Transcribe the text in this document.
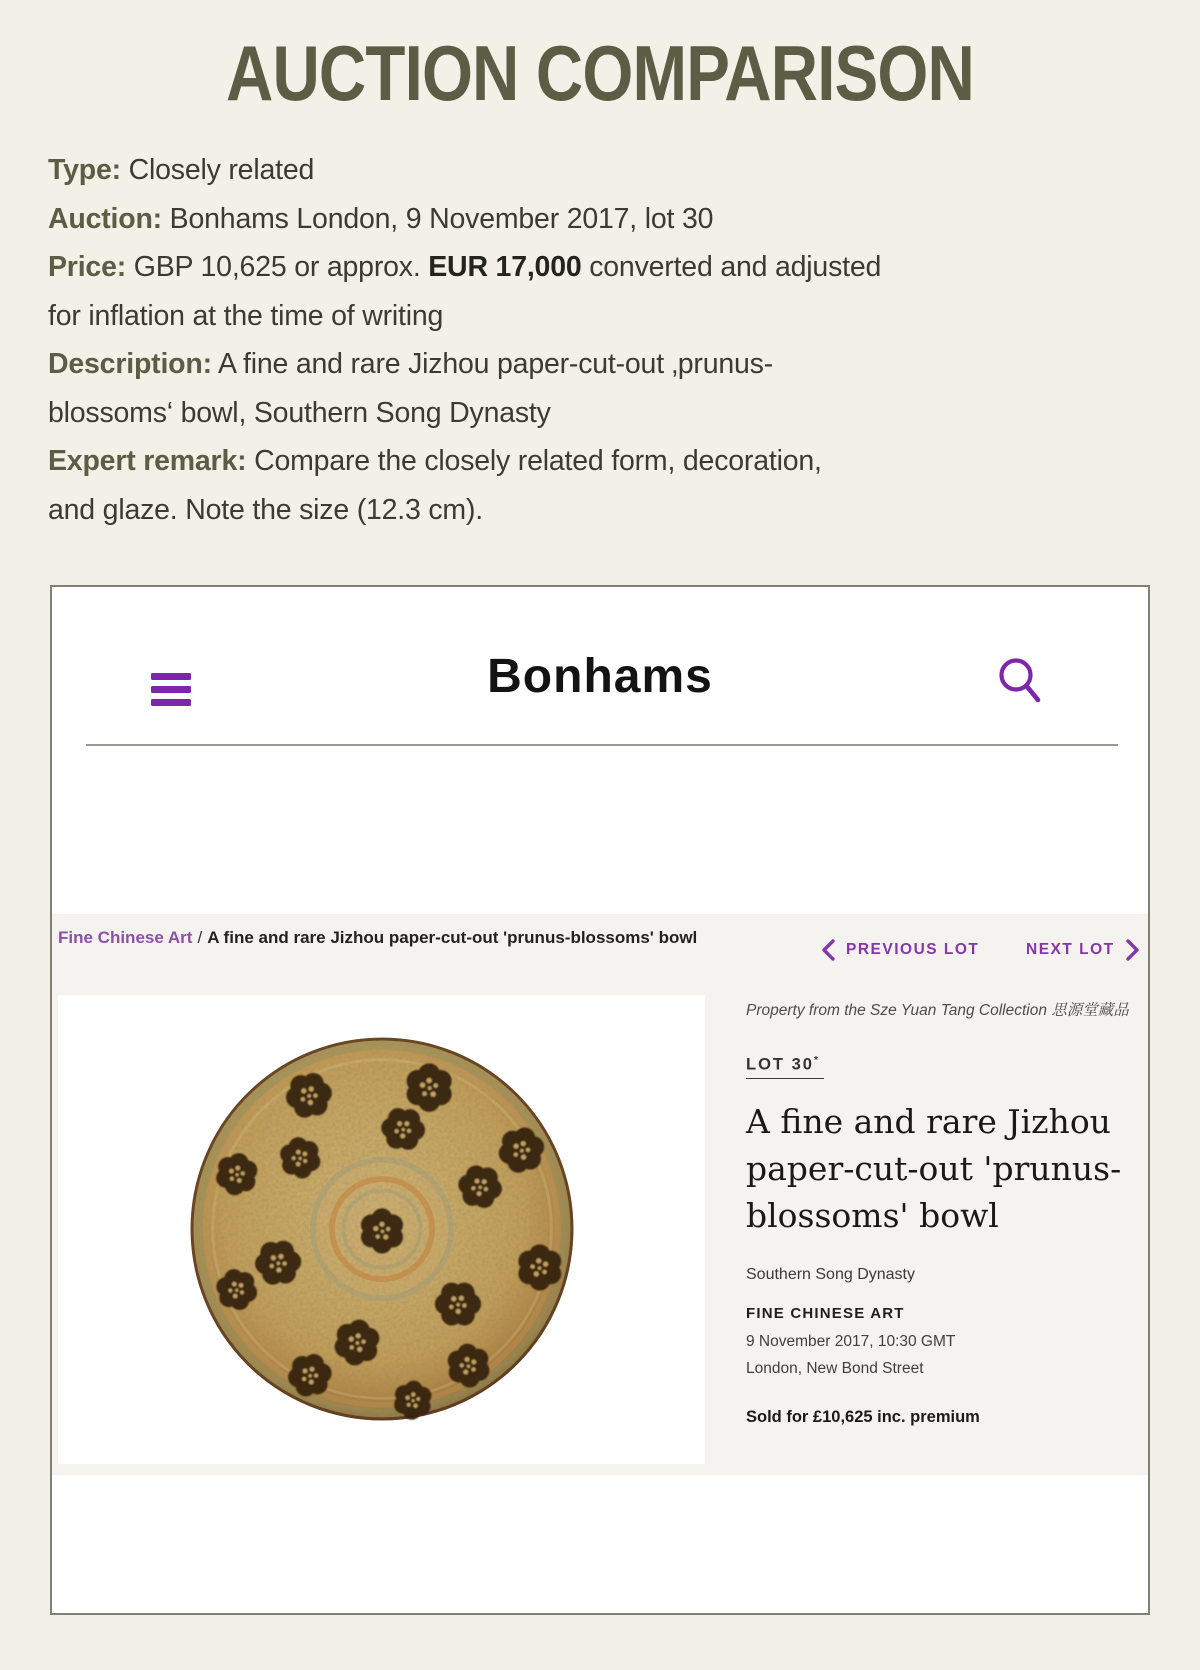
AUCTION COMPARISON
Type: Closely related
Auction: Bonhams London, 9 November 2017, lot 30
Price: GBP 10,625 or approx. EUR 17,000 converted and adjusted
for inflation at the time of writing
Description: A fine and rare Jizhou paper-cut-out ‚prunus-
blossoms‘ bowl, Southern Song Dynasty
Expert remark: Compare the closely related form, decoration,
and glaze. Note the size (12.3 cm).
Bonhams
Fine Chinese Art / A fine and rare Jizhou paper-cut-out 'prunus-blossoms' bowl
PREVIOUS LOT	NEXT LOT
Property from the Sze Yuan Tang Collection 思源堂藏品
LOT 30*
A fine and rare Jizhou
paper-cut-out 'prunus-
blossoms' bowl
Southern Song Dynasty
FINE CHINESE ART
9 November 2017, 10:30 GMT
London, New Bond Street
Sold for £10,625 inc. premium
